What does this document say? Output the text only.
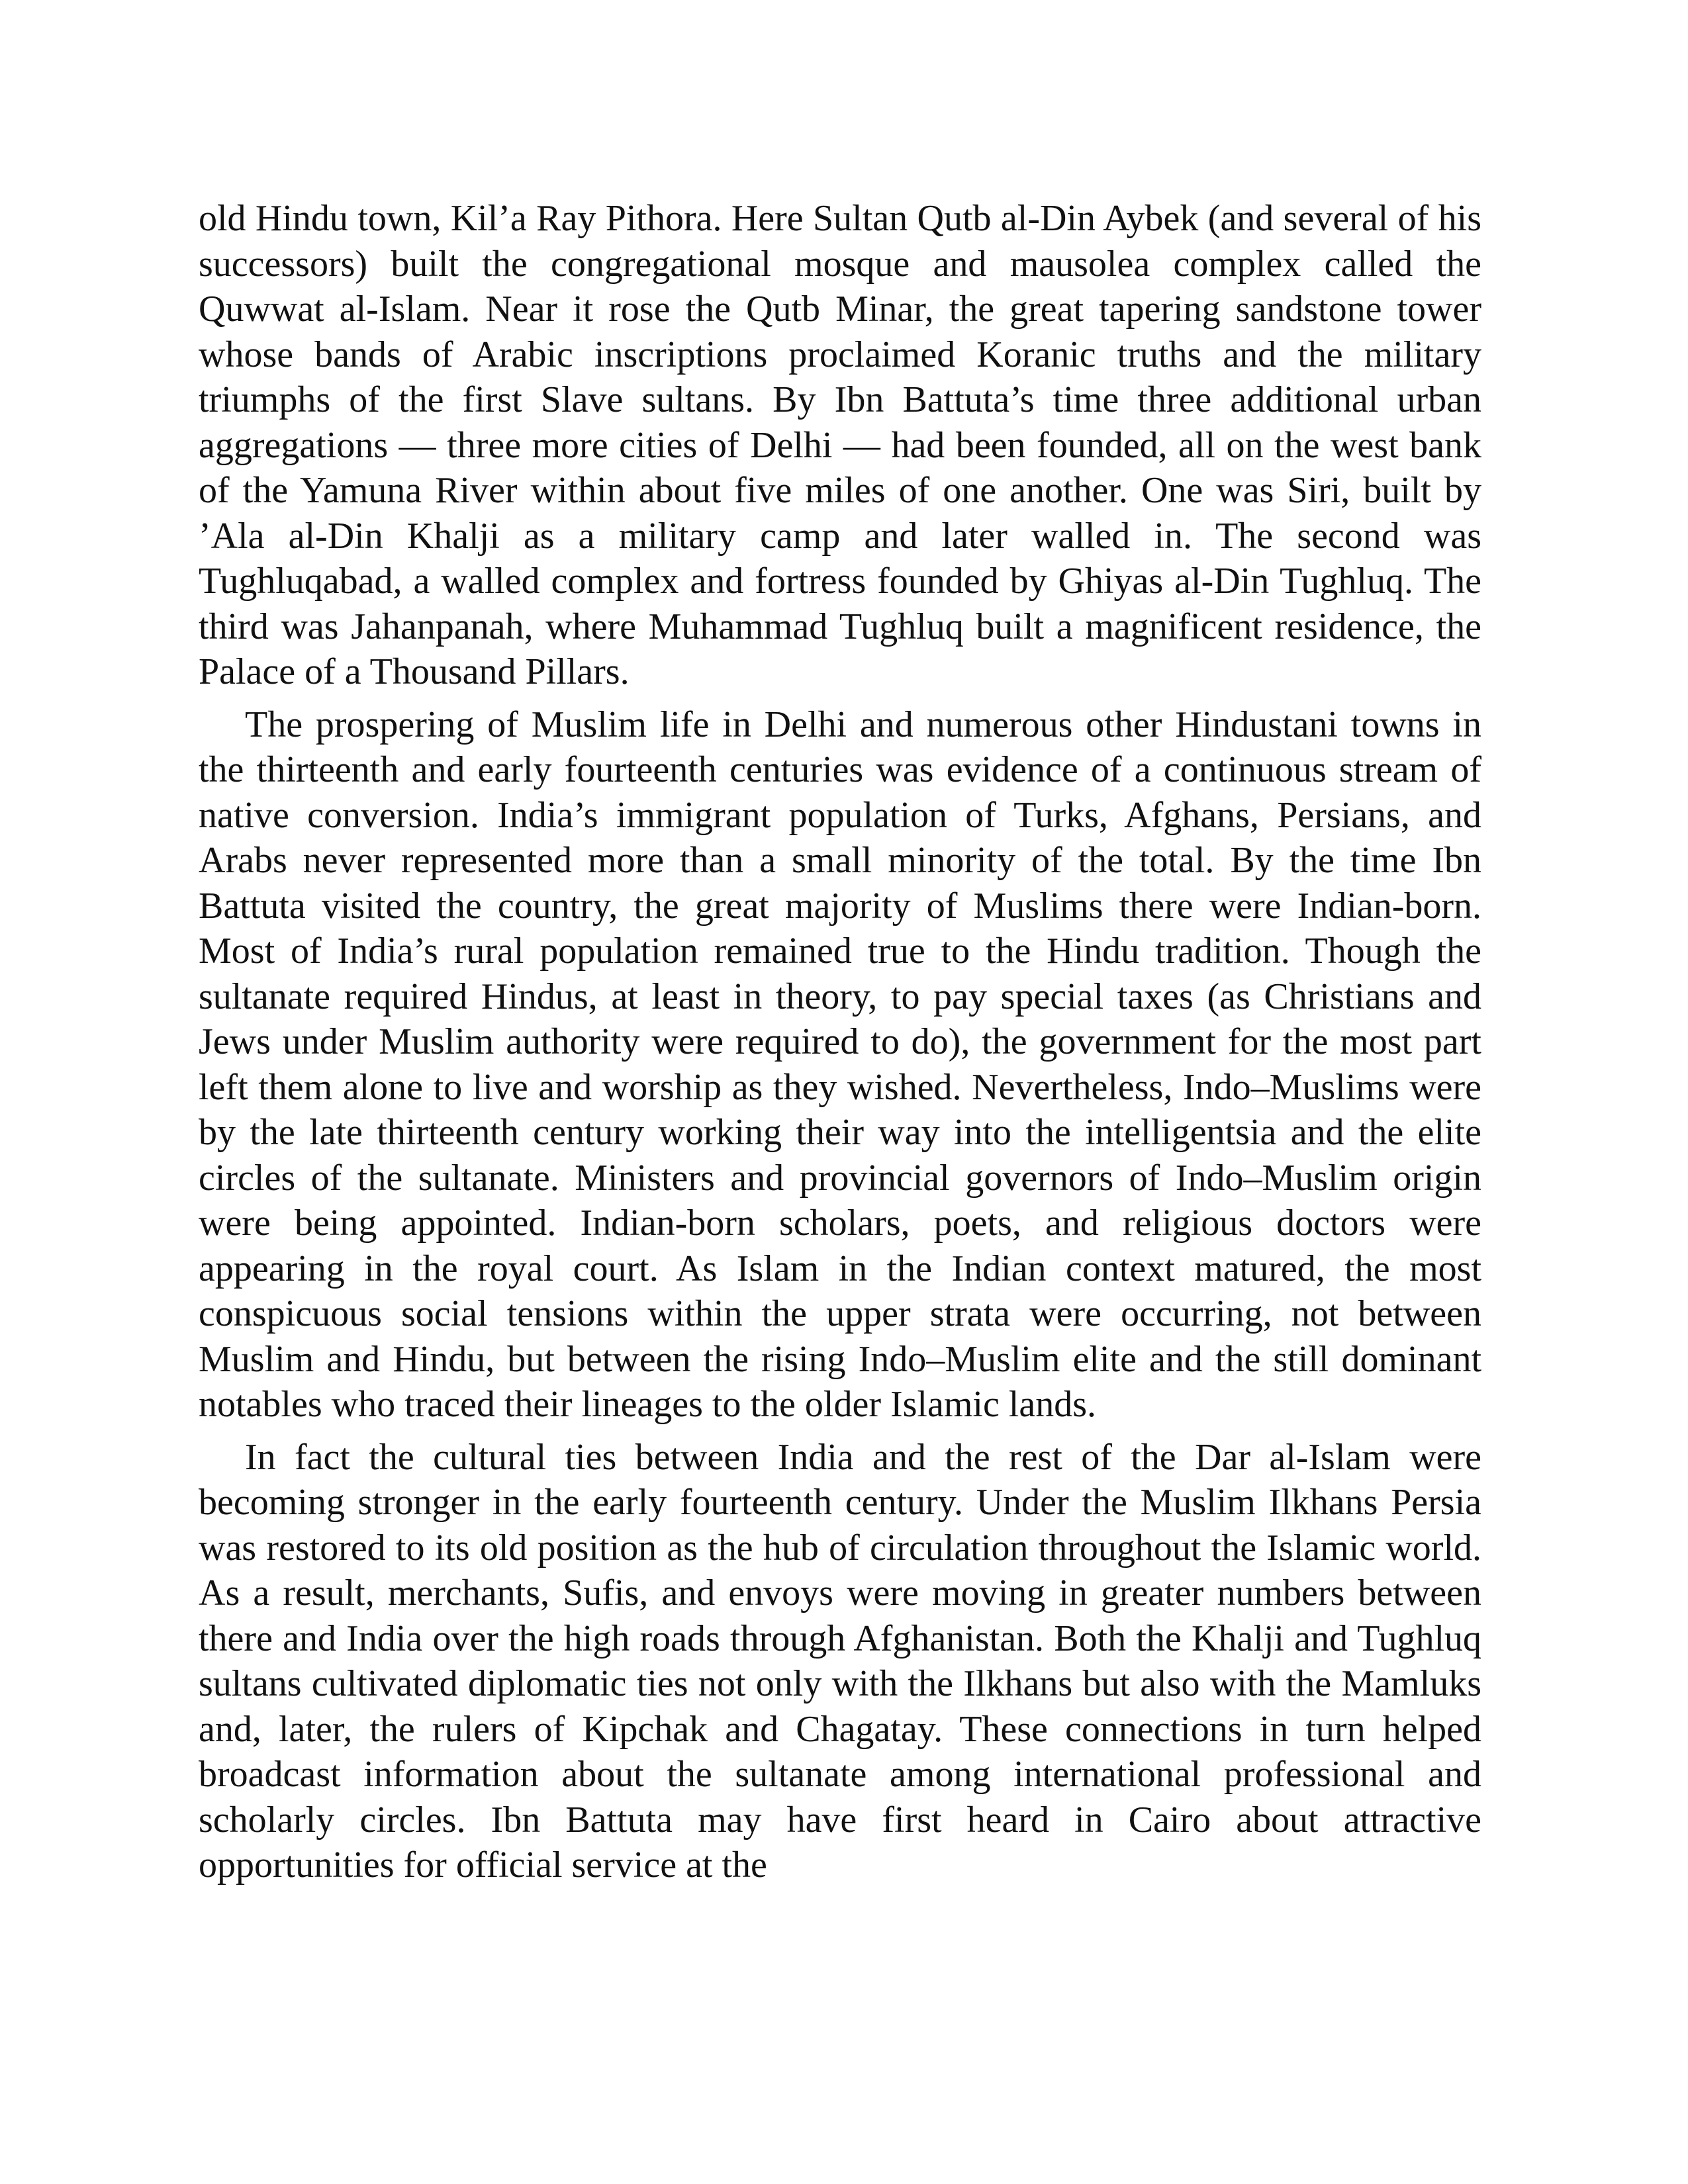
old Hindu town, Kil’a Ray Pithora. Here Sultan Qutb al-Din Aybek (and several of his successors) built the congregational mosque and mausolea complex called the Quwwat al-Islam. Near it rose the Qutb Minar, the great tapering sandstone tower whose bands of Arabic inscriptions proclaimed Koranic truths and the military triumphs of the first Slave sultans. By Ibn Battuta’s time three additional urban aggregations — three more cities of Delhi — had been founded, all on the west bank of the Yamuna River within about five miles of one another. One was Siri, built by ’Ala al-Din Khalji as a military camp and later walled in. The second was Tughluqabad, a walled complex and fortress founded by Ghiyas al-Din Tughluq. The third was Jahanpanah, where Muhammad Tughluq built a magnificent residence, the Palace of a Thousand Pillars.

The prospering of Muslim life in Delhi and numerous other Hindustani towns in the thirteenth and early fourteenth centuries was evidence of a continuous stream of native conversion. India’s immigrant population of Turks, Afghans, Persians, and Arabs never represented more than a small minority of the total. By the time Ibn Battuta visited the country, the great majority of Muslims there were Indian-born. Most of India’s rural population remained true to the Hindu tradition. Though the sultanate required Hindus, at least in theory, to pay special taxes (as Christians and Jews under Muslim authority were required to do), the government for the most part left them alone to live and worship as they wished. Nevertheless, Indo–Muslims were by the late thirteenth century working their way into the intelligentsia and the elite circles of the sultanate. Ministers and provincial governors of Indo–Muslim origin were being appointed. Indian-born scholars, poets, and religious doctors were appearing in the royal court. As Islam in the Indian context matured, the most conspicuous social tensions within the upper strata were occurring, not between Muslim and Hindu, but between the rising Indo–Muslim elite and the still dominant notables who traced their lineages to the older Islamic lands.

In fact the cultural ties between India and the rest of the Dar al-Islam were becoming stronger in the early fourteenth century. Under the Muslim Ilkhans Persia was restored to its old position as the hub of circulation throughout the Islamic world. As a result, merchants, Sufis, and envoys were moving in greater numbers between there and India over the high roads through Afghanistan. Both the Khalji and Tughluq sultans cultivated diplomatic ties not only with the Ilkhans but also with the Mamluks and, later, the rulers of Kipchak and Chagatay. These connections in turn helped broadcast information about the sultanate among international professional and scholarly circles. Ibn Battuta may have first heard in Cairo about attractive opportunities for official service at the
